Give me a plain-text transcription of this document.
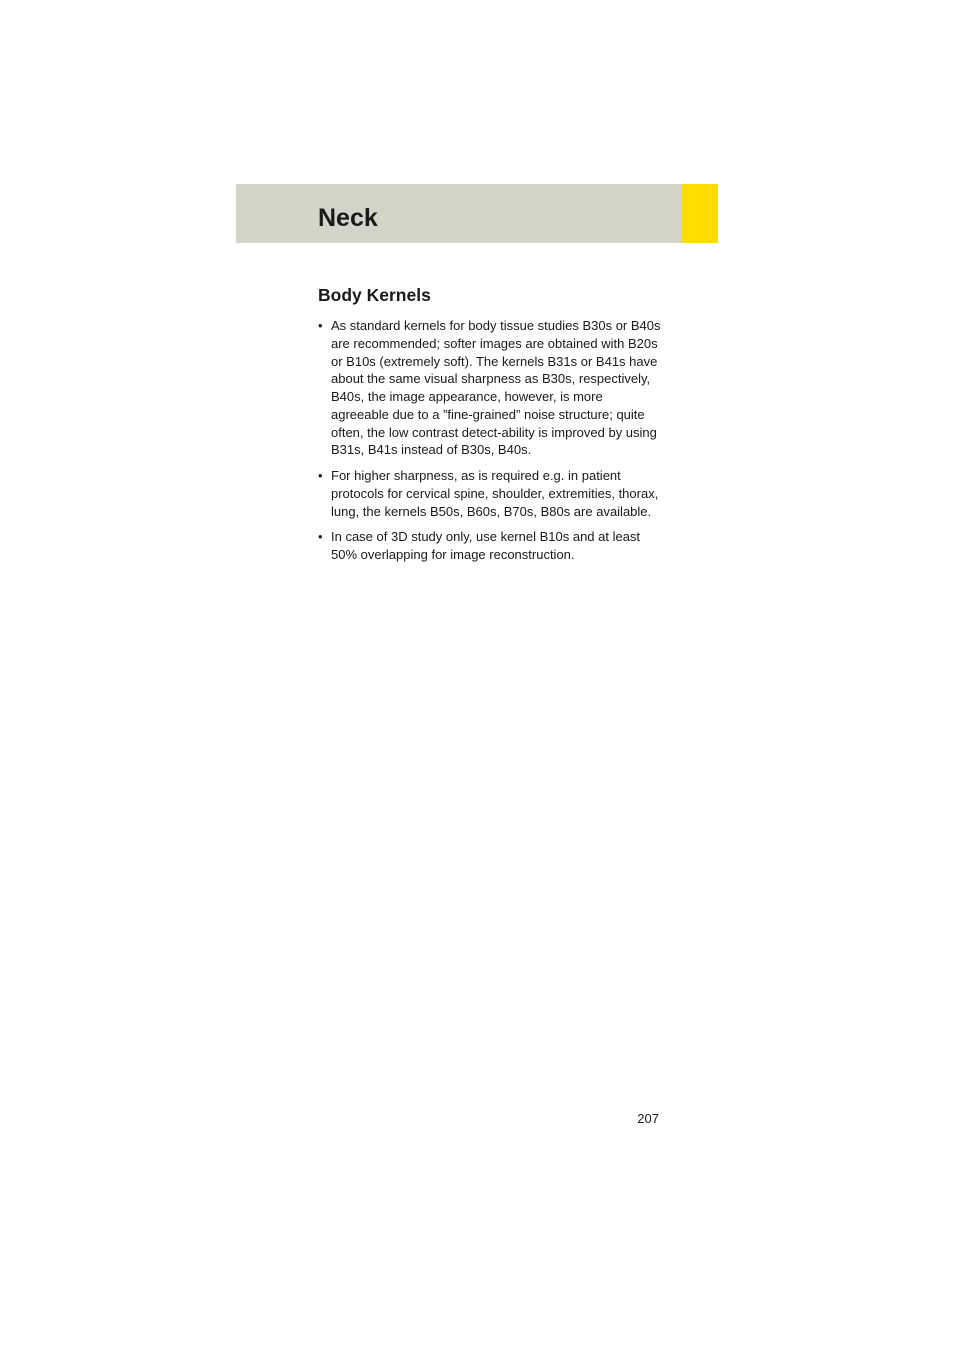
Neck
Body Kernels
• As standard kernels for body tissue studies B30s or B40s are recommended; softer images are obtained with B20s or B10s (extremely soft). The kernels B31s or B41s have about the same visual sharpness as B30s, respectively, B40s, the image appearance, however, is more agreeable due to a ”fine-grained” noise structure; quite often, the low contrast detect-ability is improved by using B31s, B41s instead of B30s, B40s.
• For higher sharpness, as is required e.g. in patient protocols for cervical spine, shoulder, extremities, thorax, lung, the kernels B50s, B60s, B70s, B80s are available.
• In case of 3D study only, use kernel B10s and at least 50% overlapping for image reconstruction.
207
